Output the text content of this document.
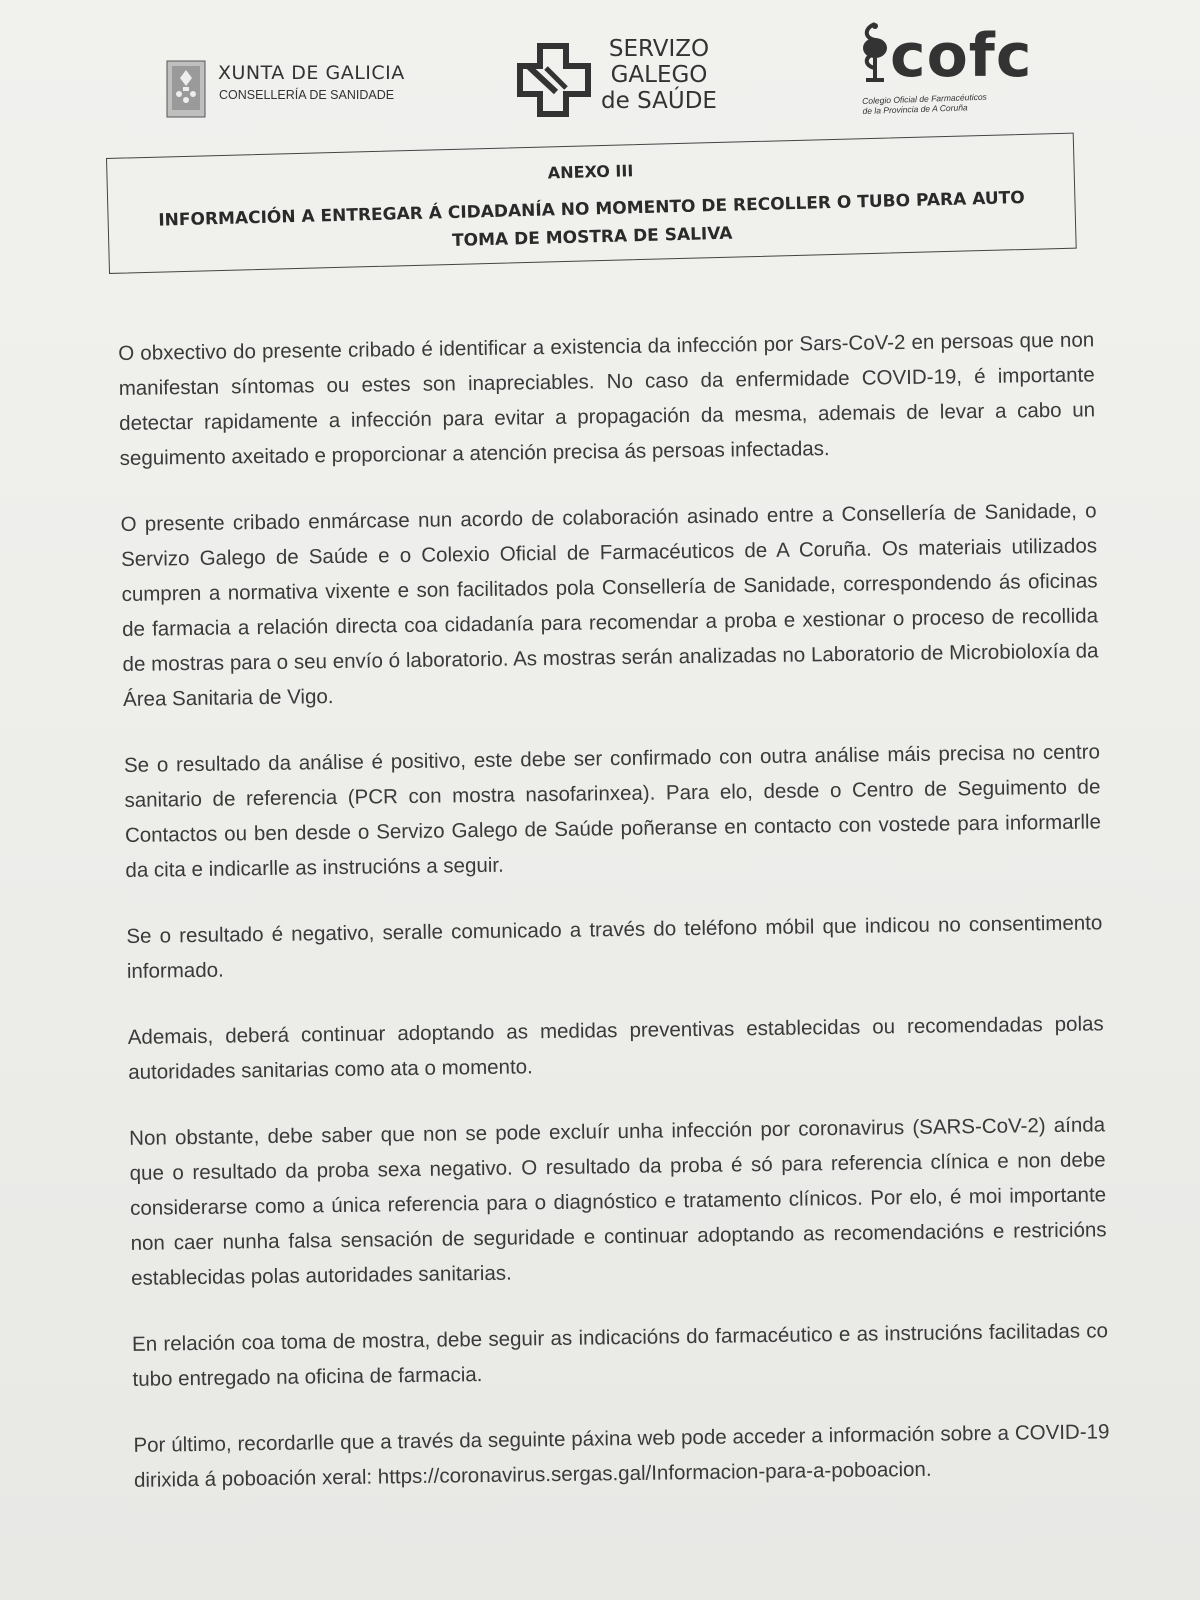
XUNTA DE GALICIA
CONSELLERÍA DE SANIDADE
SERVIZO
GALEGO
de SAÚDE
cofc
Colegio Oficial de Farmacéuticos
de la Provincia de A Coruña
ANEXO III
INFORMACIÓN A ENTREGAR Á CIDADANÍA NO MOMENTO DE RECOLLER O TUBO PARA AUTO TOMA DE MOSTRA DE SALIVA

O obxectivo do presente cribado é identificar a existencia da infección por Sars-CoV-2 en persoas que non manifestan síntomas ou estes son inapreciables. No caso da enfermidade COVID-19, é importante detectar rapidamente a infección para evitar a propagación da mesma, ademais de levar a cabo un seguimento axeitado e proporcionar a atención precisa ás persoas infectadas.

O presente cribado enmárcase nun acordo de colaboración asinado entre a Consellería de Sanidade, o Servizo Galego de Saúde e o Colexio Oficial de Farmacéuticos de A Coruña. Os materiais utilizados cumpren a normativa vixente e son facilitados pola Consellería de Sanidade, correspondendo ás oficinas de farmacia a relación directa coa cidadanía para recomendar a proba e xestionar o proceso de recollida de mostras para o seu envío ó laboratorio. As mostras serán analizadas no Laboratorio de Microbioloxía da Área Sanitaria de Vigo.

Se o resultado da análise é positivo, este debe ser confirmado con outra análise máis precisa no centro sanitario de referencia (PCR con mostra nasofarinxea). Para elo, desde o Centro de Seguimento de Contactos ou ben desde o Servizo Galego de Saúde poñeranse en contacto con vostede para informarlle da cita e indicarlle as instrucións a seguir.

Se o resultado é negativo, seralle comunicado a través do teléfono móbil que indicou no consentimento informado.

Ademais, deberá continuar adoptando as medidas preventivas establecidas ou recomendadas polas autoridades sanitarias como ata o momento.

Non obstante, debe saber que non se pode excluír unha infección por coronavirus (SARS-CoV-2) aínda que o resultado da proba sexa negativo. O resultado da proba é só para referencia clínica e non debe considerarse como a única referencia para o diagnóstico e tratamento clínicos. Por elo, é moi importante non caer nunha falsa sensación de seguridade e continuar adoptando as recomendacións e restricións establecidas polas autoridades sanitarias.

En relación coa toma de mostra, debe seguir as indicacións do farmacéutico e as instrucións facilitadas co tubo entregado na oficina de farmacia.

Por último, recordarlle que a través da seguinte páxina web pode acceder a información sobre a COVID-19 dirixida á poboación xeral: https://coronavirus.sergas.gal/Informacion-para-a-poboacion.
